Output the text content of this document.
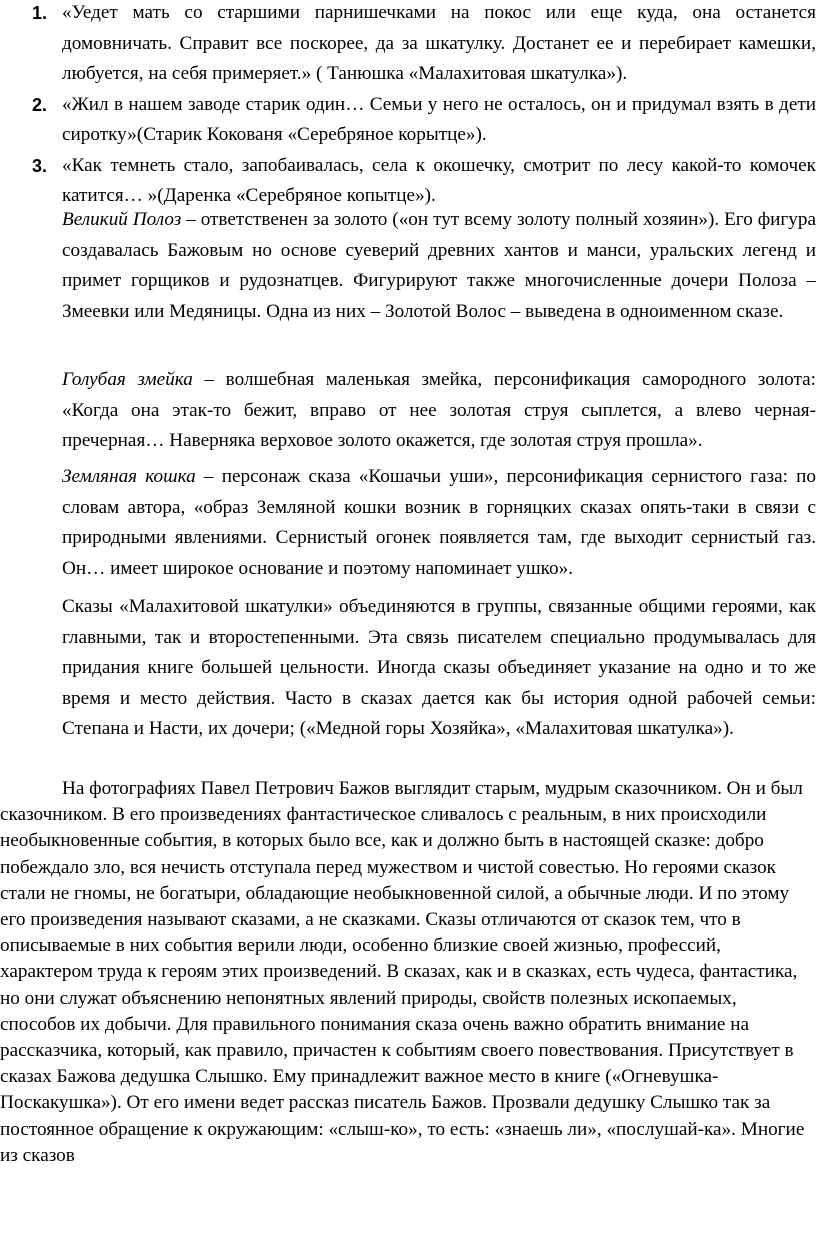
1. «Уедет мать со старшими парнишечками на покос или еще куда, она останется домовничать. Справит все поскорее, да за шкатулку. Достанет ее и перебирает камешки, любуется, на себя примеряет.» ( Танюшка «Малахитовая шкатулка»).
2. «Жил в нашем заводе старик один… Семьи у него не осталось, он и придумал взять в дети сиротку»(Старик Кокованя «Серебряное корытце»).
3. «Как темнеть стало, запобаивалась, села к окошечку, смотрит по лесу какой-то комочек катится… »(Даренка «Серебряное копытце»).

Великий Полоз – ответственен за золото («он тут всему золоту полный хозяин»). Его фигура создавалась Бажовым но основе суеверий древних хантов и манси, уральских легенд и примет горщиков и рудознатцев. Фигурируют также многочисленные дочери Полоза – Змеевки или Медяницы. Одна из них – Золотой Волос – выведена в одноименном сказе.

Голубая змейка – волшебная маленькая змейка, персонификация самородного золота: «Когда она этак-то бежит, вправо от нее золотая струя сыплется, а влево черная-пречерная… Наверняка верховое золото окажется, где золотая струя прошла».

Земляная кошка – персонаж сказа «Кошачьи уши», персонификация сернистого газа: по словам автора, «образ Земляной кошки возник в горняцких сказах опять-таки в связи с природными явлениями. Сернистый огонек появляется там, где выходит сернистый газ. Он… имеет широкое основание и поэтому напоминает ушко».

Сказы «Малахитовой шкатулки» объединяются в группы, связанные общими героями, как главными, так и второстепенными. Эта связь писателем специально продумывалась для придания книге большей цельности. Иногда сказы объединяет указание на одно и то же время и место действия. Часто в сказах дается как бы история одной рабочей семьи: Степана и Насти, их дочери; («Медной горы Хозяйка», «Малахитовая шкатулка»).

На фотографиях Павел Петрович Бажов выглядит старым, мудрым сказочником. Он и был сказочником. В его произведениях фантастическое сливалось с реальным, в них происходили необыкновенные события, в которых было все, как и должно быть в настоящей сказке: добро побеждало зло, вся нечисть отступала перед мужеством и чистой совестью. Но героями сказок стали не гномы, не богатыри, обладающие необыкновенной силой, а обычные люди. И по этому его произведения называют сказами, а не сказками. Сказы отличаются от сказок тем, что в описываемые в них события верили люди, особенно близкие своей жизнью, профессий, характером труда к героям этих произведений. В сказах, как и в сказках, есть чудеса, фантастика, но они служат объяснению непонятных явлений природы, свойств полезных ископаемых, способов их добычи. Для правильного понимания сказа очень важно обратить внимание на рассказчика, который, как правило, причастен к событиям своего повествования. Присутствует в сказах Бажова дедушка Слышко. Ему принадлежит важное место в книге («Огневушка-Поскакушка»). От его имени ведет рассказ писатель Бажов. Прозвали дедушку Слышко так за постоянное обращение к окружающим: «слыш-ко», то есть: «знаешь ли», «послушай-ка». Многие из сказов
